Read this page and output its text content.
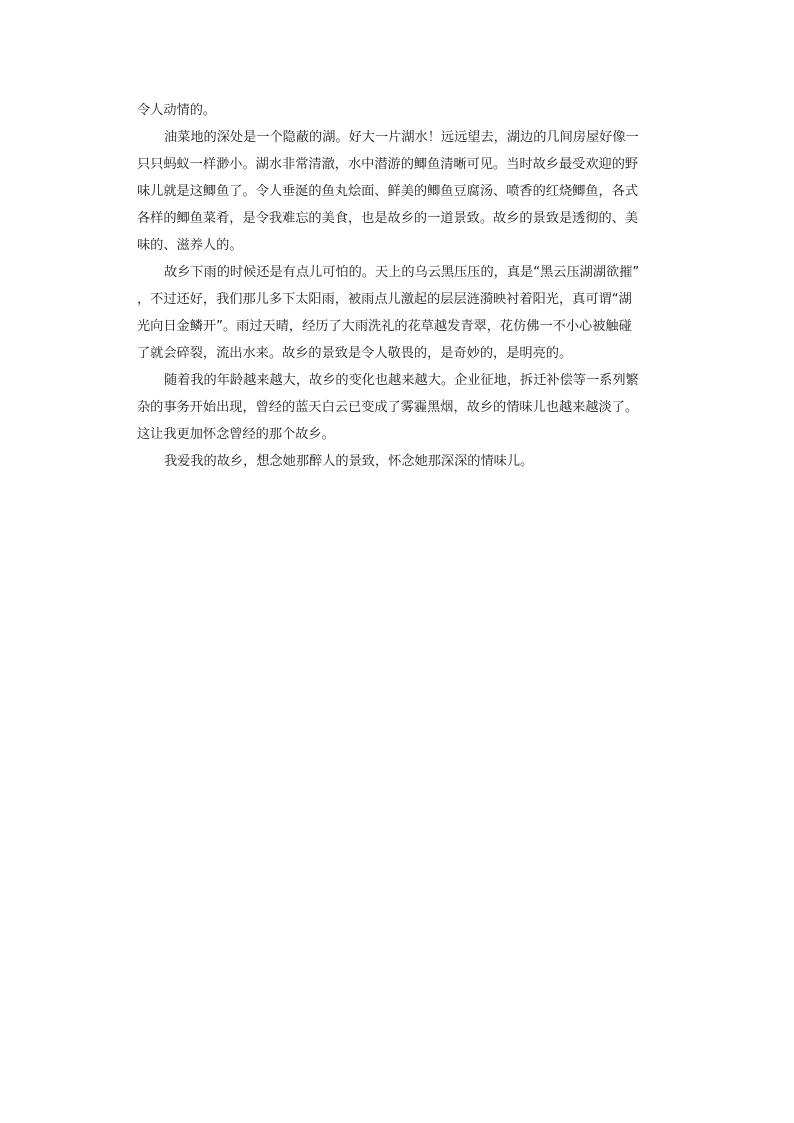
令人动情的。
油菜地的深处是一个隐蔽的湖。好大一片湖水！远远望去，湖边的几间房屋好像一
只只蚂蚁一样渺小。湖水非常清澈，水中潜游的鲫鱼清晰可见。当时故乡最受欢迎的野
味儿就是这鲫鱼了。令人垂涎的鱼丸烩面、鲜美的鲫鱼豆腐汤、喷香的红烧鲫鱼，各式
各样的鲫鱼菜肴，是令我难忘的美食，也是故乡的一道景致。故乡的景致是透彻的、美
味的、滋养人的。
故乡下雨的时候还是有点儿可怕的。天上的乌云黑压压的，真是“黑云压湖湖欲摧”
，不过还好，我们那儿多下太阳雨，被雨点儿激起的层层涟漪映衬着阳光，真可谓“湖
光向日金鳞开”。雨过天晴，经历了大雨洗礼的花草越发青翠，花仿佛一不小心被触碰
了就会碎裂，流出水来。故乡的景致是令人敬畏的，是奇妙的，是明亮的。
随着我的年龄越来越大，故乡的变化也越来越大。企业征地，拆迁补偿等一系列繁
杂的事务开始出现，曾经的蓝天白云已变成了雾霾黑烟，故乡的情味儿也越来越淡了。
这让我更加怀念曾经的那个故乡。
我爱我的故乡，想念她那醉人的景致，怀念她那深深的情味儿。
